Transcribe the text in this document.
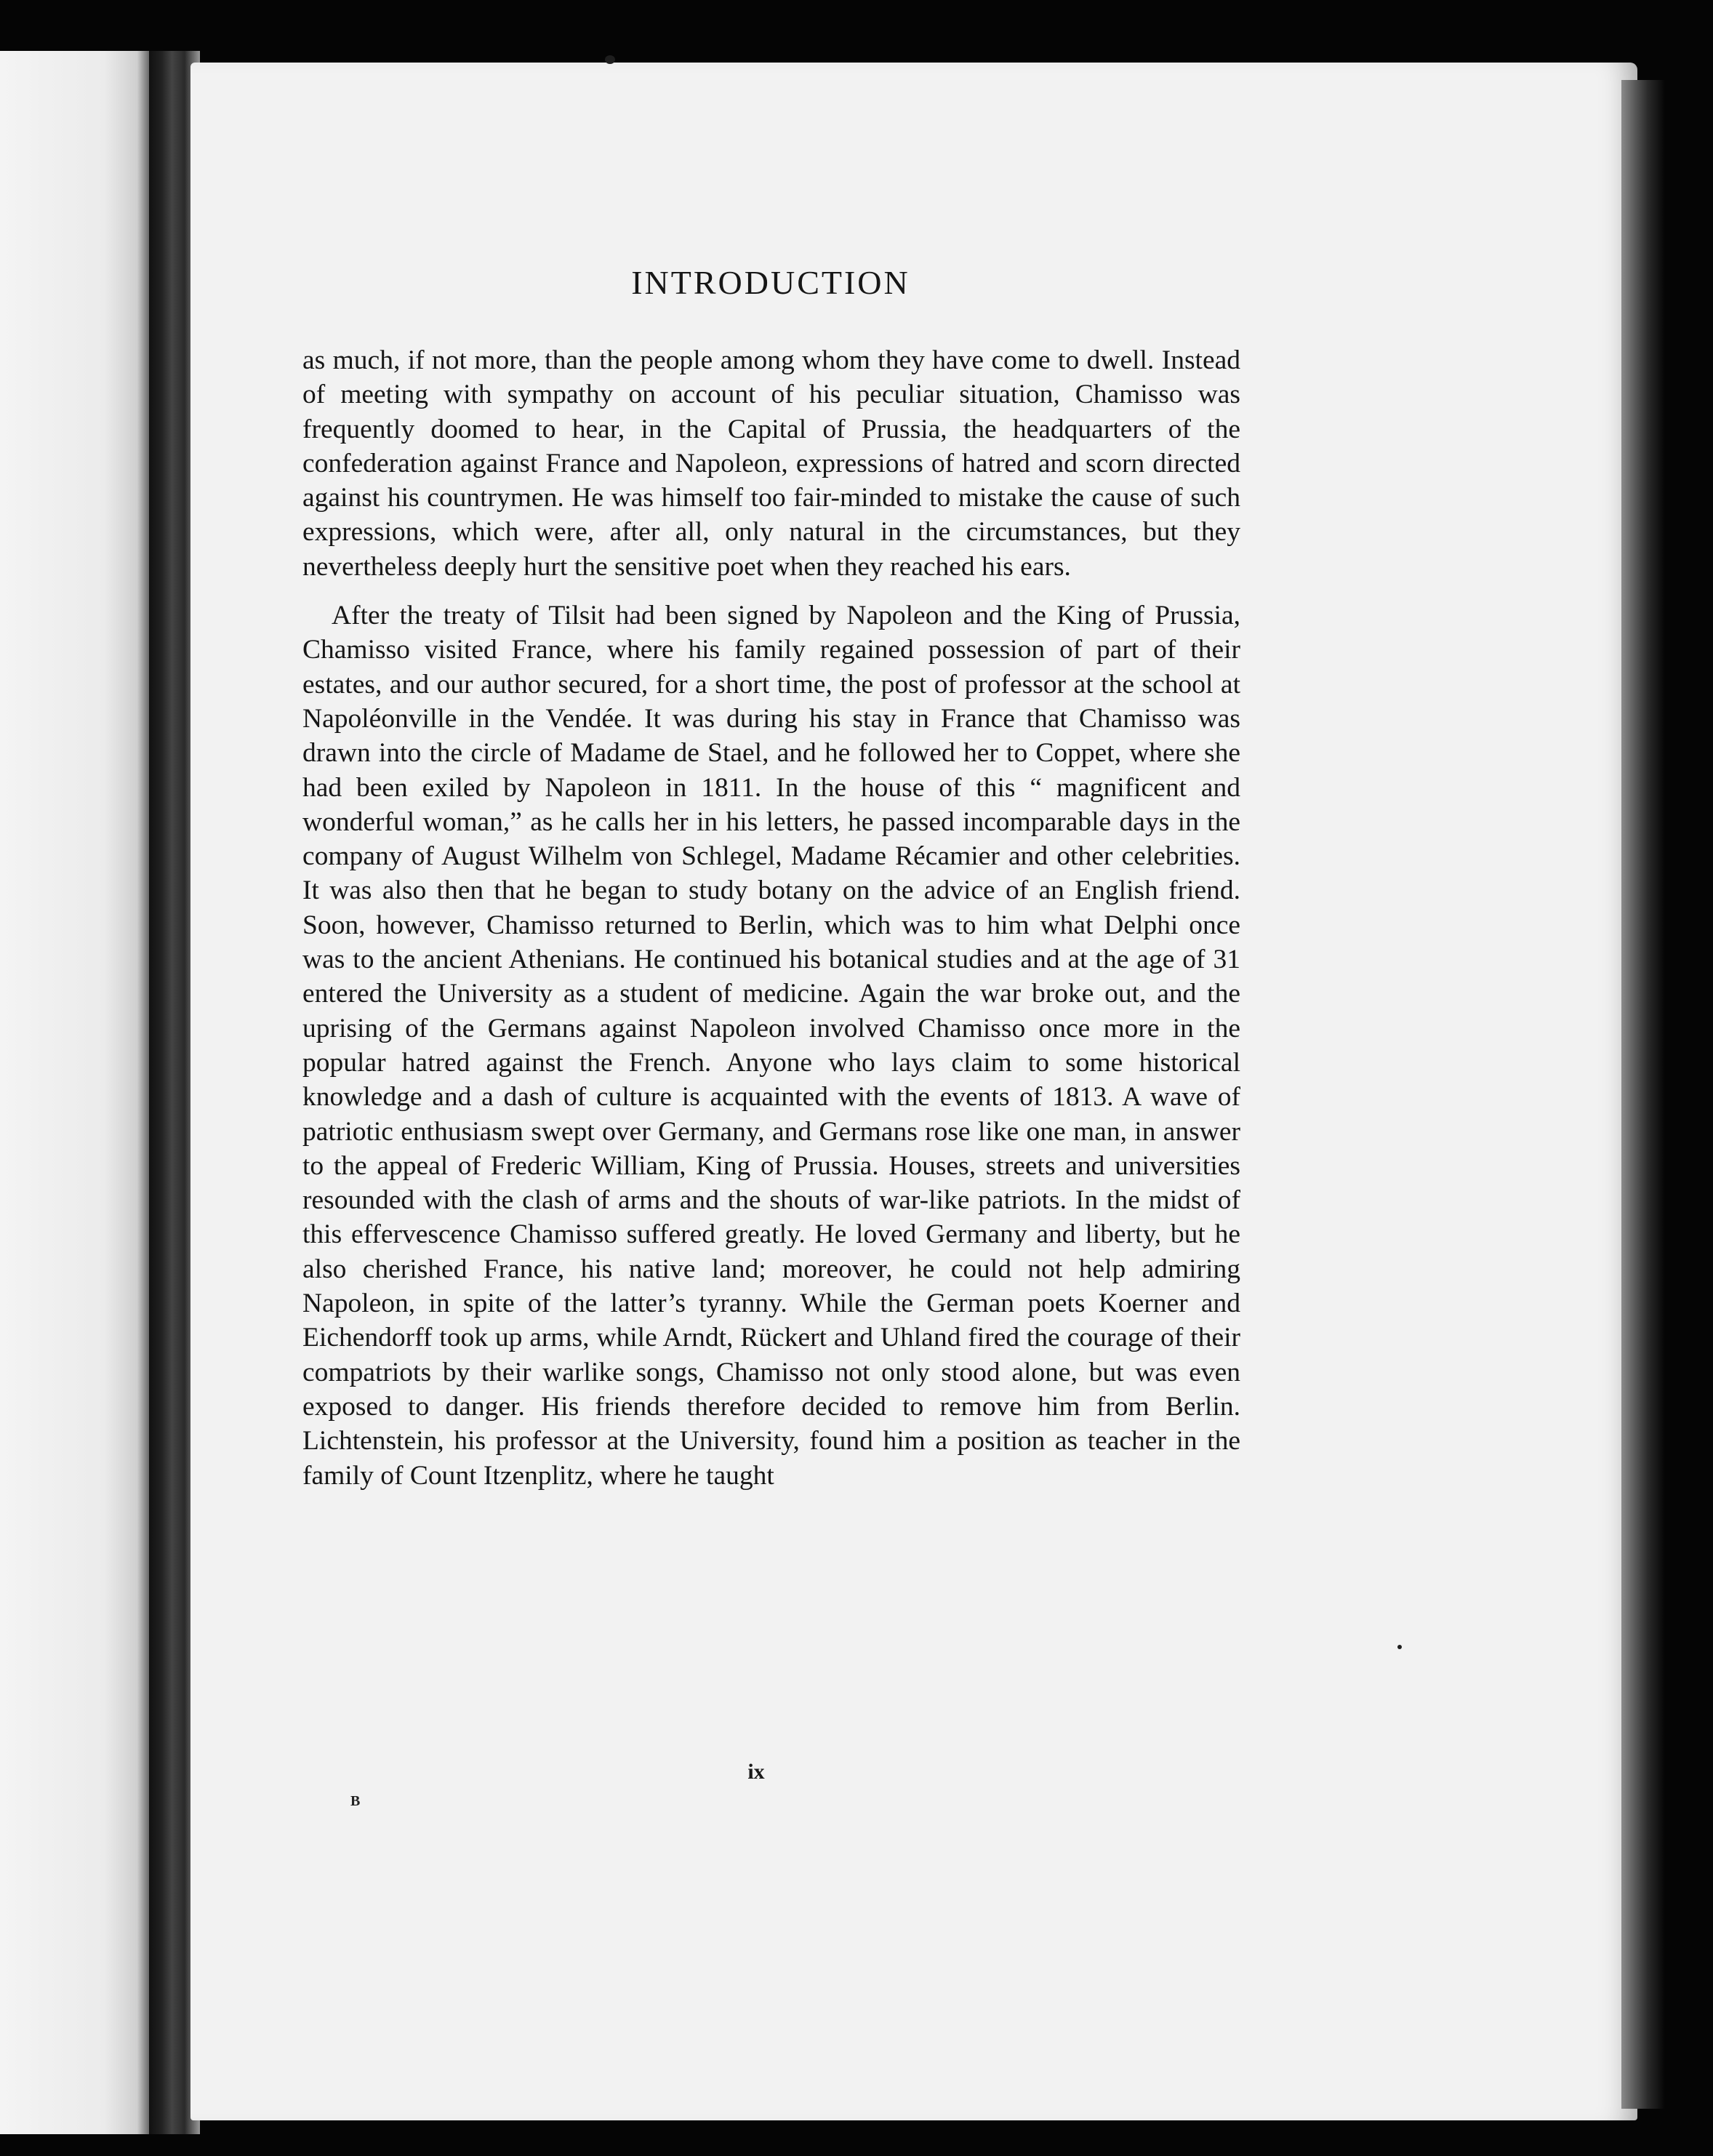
INTRODUCTION

as much, if not more, than the people among whom they have come to dwell. Instead of meeting with sympathy on account of his peculiar situation, Chamisso was frequently doomed to hear, in the Capital of Prussia, the headquarters of the confederation against France and Napoleon, expressions of hatred and scorn directed against his countrymen. He was himself too fair-minded to mistake the cause of such expressions, which were, after all, only natural in the circumstances, but they nevertheless deeply hurt the sensitive poet when they reached his ears.

After the treaty of Tilsit had been signed by Napoleon and the King of Prussia, Chamisso visited France, where his family regained possession of part of their estates, and our author secured, for a short time, the post of professor at the school at Napoléonville in the Vendée. It was during his stay in France that Chamisso was drawn into the circle of Madame de Stael, and he followed her to Coppet, where she had been exiled by Napoleon in 1811. In the house of this “ magnificent and wonderful woman,” as he calls her in his letters, he passed incomparable days in the company of August Wilhelm von Schlegel, Madame Récamier and other celebrities. It was also then that he began to study botany on the advice of an English friend. Soon, however, Chamisso returned to Berlin, which was to him what Delphi once was to the ancient Athenians. He continued his botanical studies and at the age of 31 entered the University as a student of medicine. Again the war broke out, and the uprising of the Germans against Napoleon involved Chamisso once more in the popular hatred against the French. Anyone who lays claim to some historical knowledge and a dash of culture is acquainted with the events of 1813. A wave of patriotic enthusiasm swept over Germany, and Germans rose like one man, in answer to the appeal of Frederic William, King of Prussia. Houses, streets and universities resounded with the clash of arms and the shouts of war-like patriots. In the midst of this effervescence Chamisso suffered greatly. He loved Germany and liberty, but he also cherished France, his native land; moreover, he could not help admiring Napoleon, in spite of the latter’s tyranny. While the German poets Koerner and Eichendorff took up arms, while Arndt, Rückert and Uhland fired the courage of their compatriots by their warlike songs, Chamisso not only stood alone, but was even exposed to danger. His friends therefore decided to remove him from Berlin. Lichtenstein, his professor at the University, found him a position as teacher in the family of Count Itzenplitz, where he taught

ix
B
